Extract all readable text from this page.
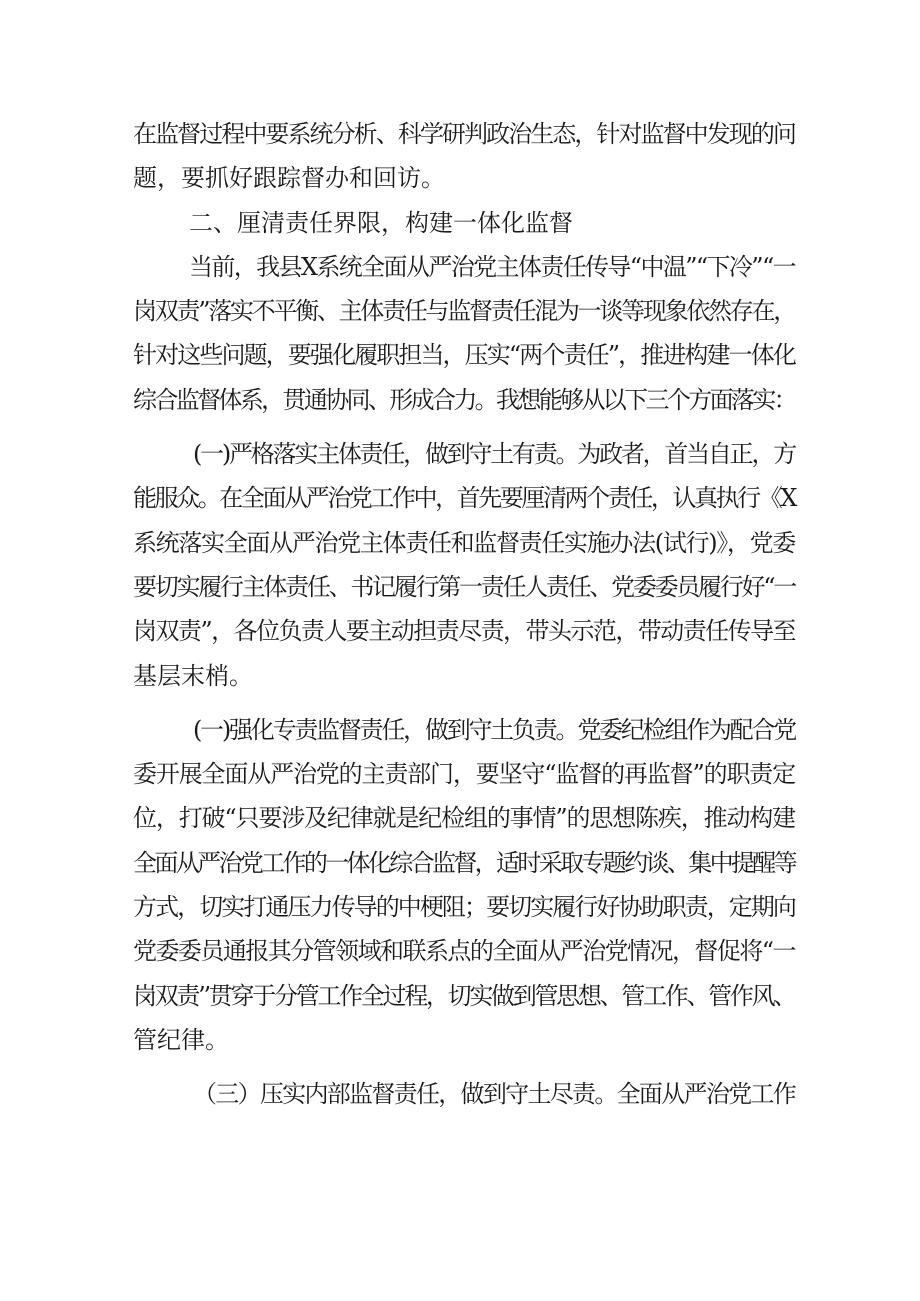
在监督过程中要系统分析、科学研判政治生态，针对监督中发现的问
题，要抓好跟踪督办和回访。
二、厘清责任界限，构建一体化监督
当前，我县X系统全面从严治党主体责任传导“中温”“下冷”“一
岗双责”落实不平衡、主体责任与监督责任混为一谈等现象依然存在，
针对这些问题，要强化履职担当，压实“两个责任”，推进构建一体化
综合监督体系，贯通协同、形成合力。我想能够从以下三个方面落实：
(一)严格落实主体责任，做到守土有责。为政者，首当自正，方
能服众。在全面从严治党工作中，首先要厘清两个责任，认真执行《X
系统落实全面从严治党主体责任和监督责任实施办法(试行)》，党委
要切实履行主体责任、书记履行第一责任人责任、党委委员履行好“一
岗双责”，各位负责人要主动担责尽责，带头示范，带动责任传导至
基层末梢。
(一)强化专责监督责任，做到守土负责。党委纪检组作为配合党
委开展全面从严治党的主责部门，要坚守“监督的再监督”的职责定
位，打破“只要涉及纪律就是纪检组的事情”的思想陈疾，推动构建
全面从严治党工作的一体化综合监督，适时采取专题约谈、集中提醒等
方式，切实打通压力传导的中梗阻；要切实履行好协助职责，定期向
党委委员通报其分管领域和联系点的全面从严治党情况，督促将“一
岗双责’’贯穿于分管工作全过程，切实做到管思想、管工作、管作风、
管纪律。
（三）压实内部监督责任，做到守土尽责。全面从严治党工作
